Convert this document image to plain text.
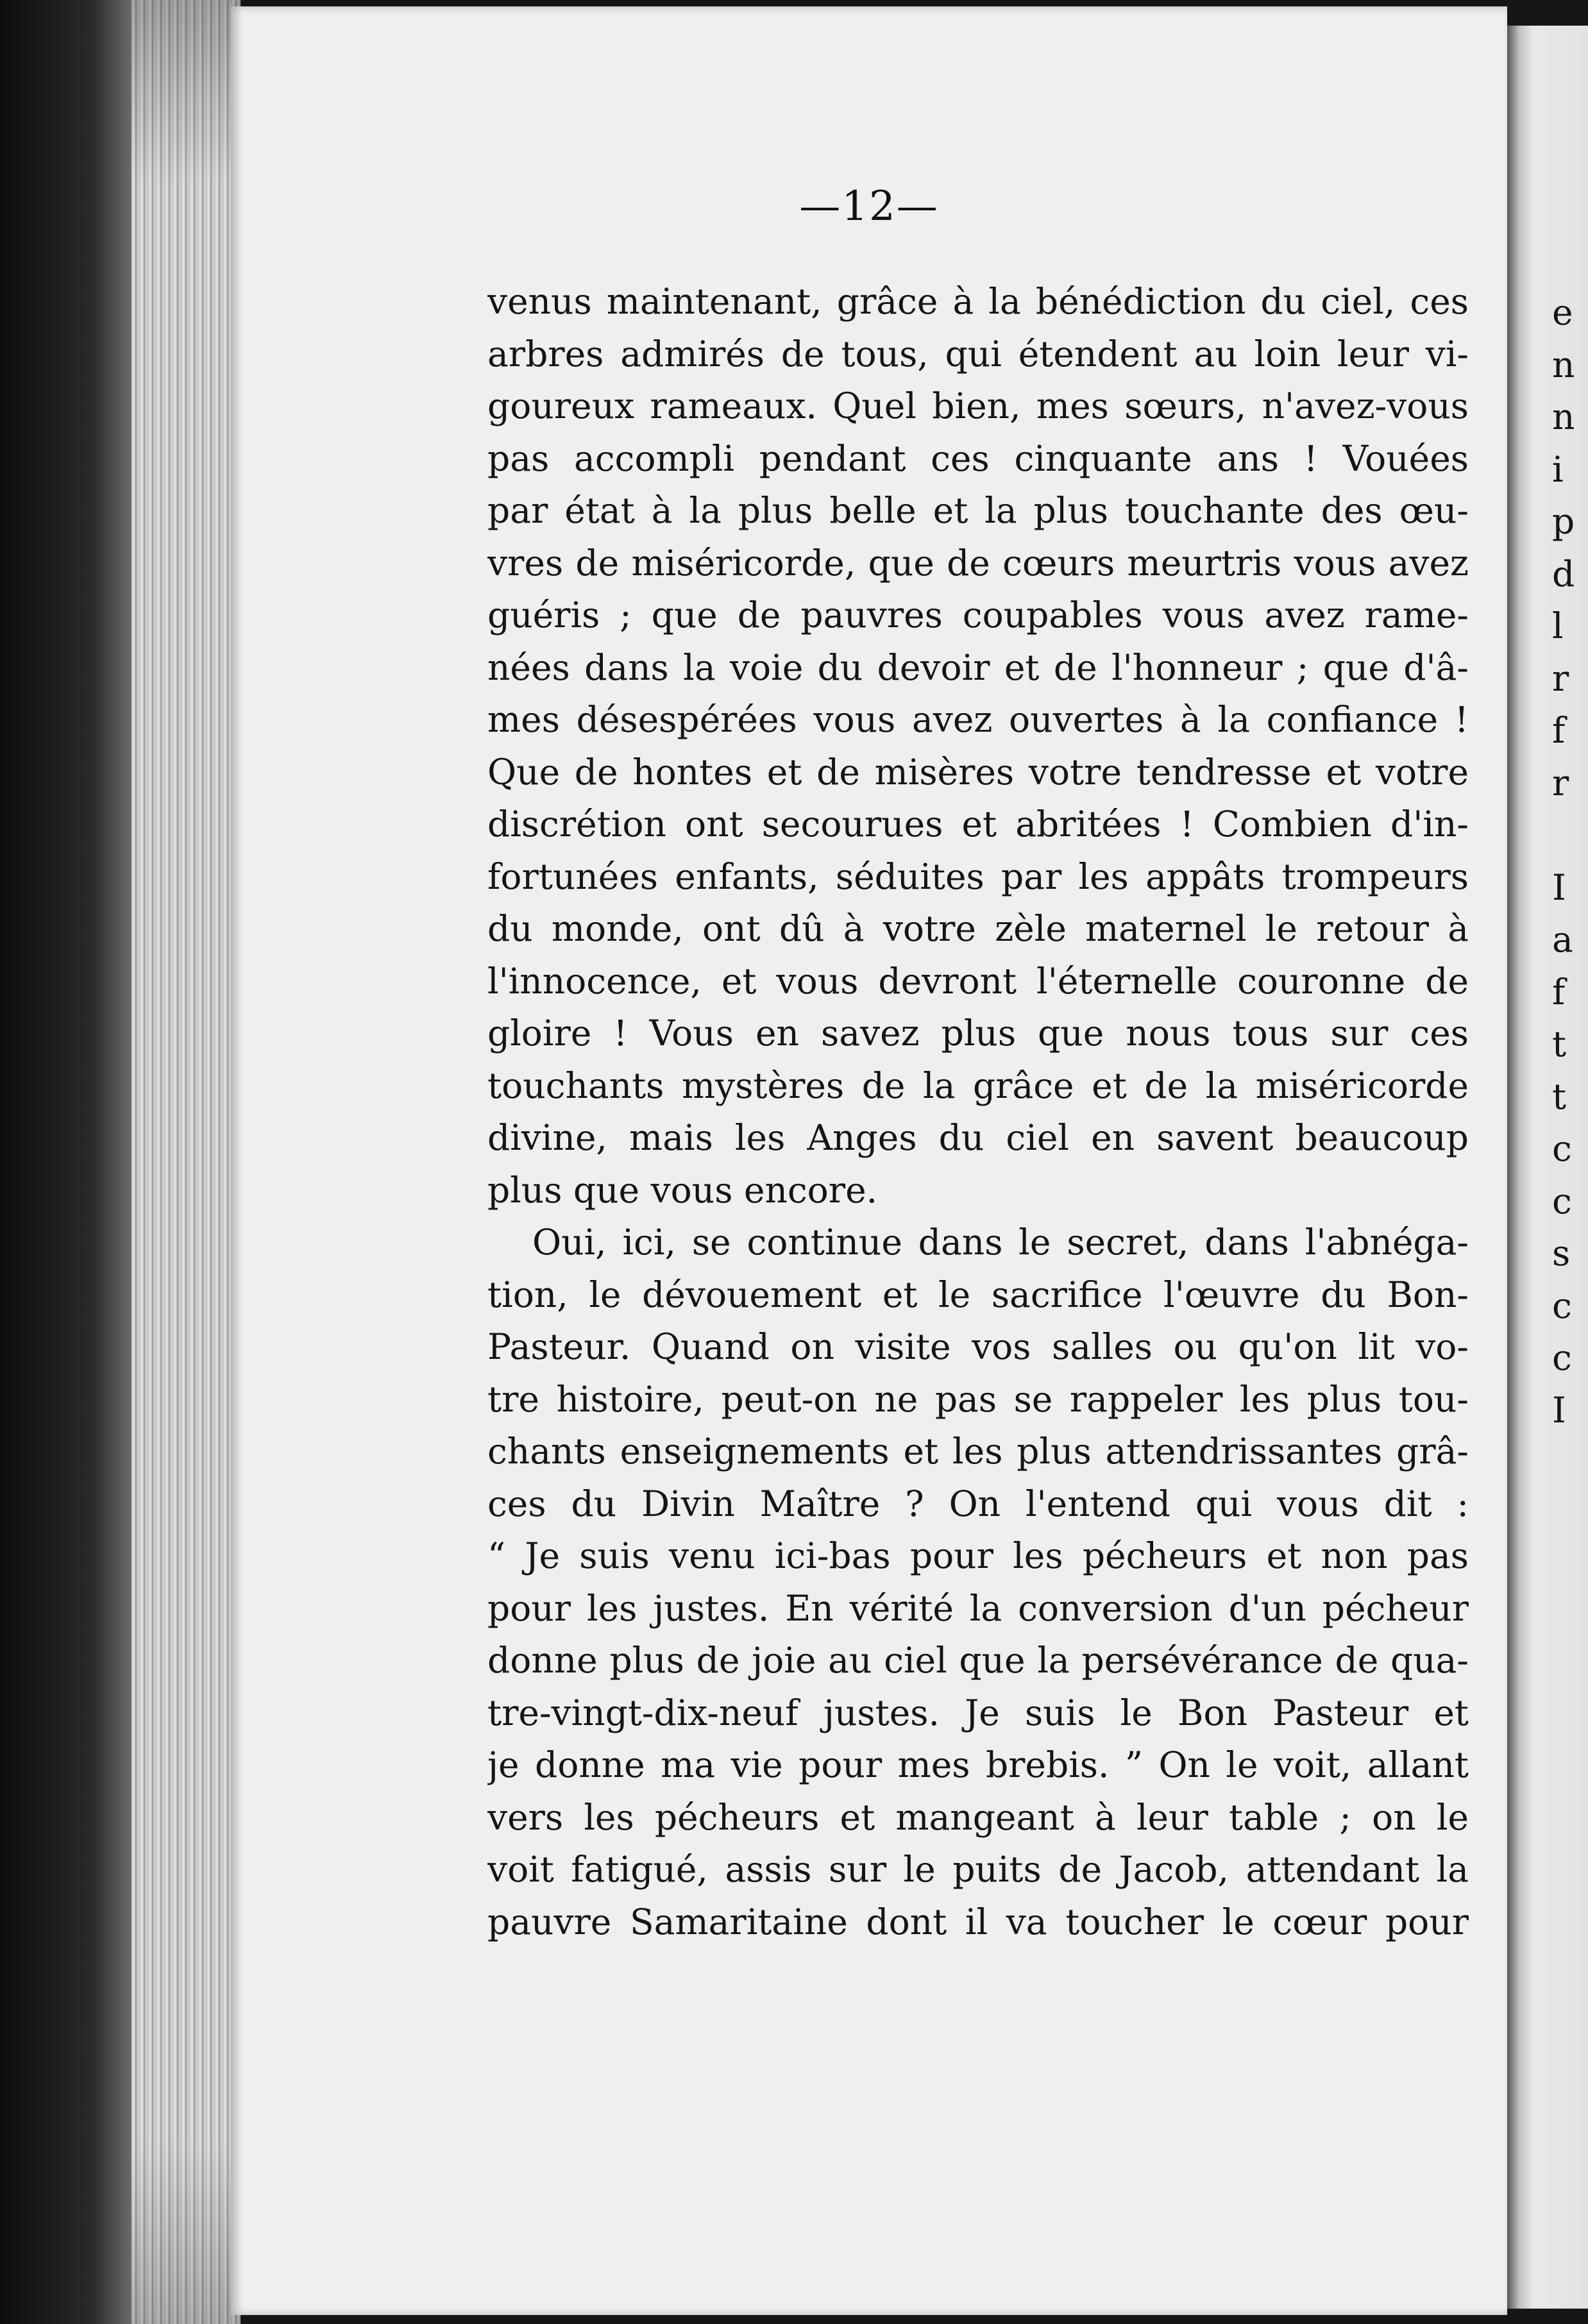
—12—
venus maintenant, grâce à la bénédiction du ciel, ces
arbres admirés de tous, qui étendent au loin leur vi-
goureux rameaux. Quel bien, mes sœurs, n'avez-vous
pas accompli pendant ces cinquante ans ! Vouées
par état à la plus belle et la plus touchante des œu-
vres de miséricorde, que de cœurs meurtris vous avez
guéris ; que de pauvres coupables vous avez rame-
nées dans la voie du devoir et de l'honneur ; que d'â-
mes désespérées vous avez ouvertes à la confiance !
Que de hontes et de misères votre tendresse et votre
discrétion ont secourues et abritées ! Combien d'in-
fortunées enfants, séduites par les appâts trompeurs
du monde, ont dû à votre zèle maternel le retour à
l'innocence, et vous devront l'éternelle couronne de
gloire ! Vous en savez plus que nous tous sur ces
touchants mystères de la grâce et de la miséricorde
divine, mais les Anges du ciel en savent beaucoup
plus que vous encore.
Oui, ici, se continue dans le secret, dans l'abnéga-
tion, le dévouement et le sacrifice l'œuvre du Bon-
Pasteur. Quand on visite vos salles ou qu'on lit vo-
tre histoire, peut-on ne pas se rappeler les plus tou-
chants enseignements et les plus attendrissantes grâ-
ces du Divin Maître ? On l'entend qui vous dit :
“ Je suis venu ici-bas pour les pécheurs et non pas
pour les justes. En vérité la conversion d'un pécheur
donne plus de joie au ciel que la persévérance de qua-
tre-vingt-dix-neuf justes. Je suis le Bon Pasteur et
je donne ma vie pour mes brebis. ” On le voit, allant
vers les pécheurs et mangeant à leur table ; on le
voit fatigué, assis sur le puits de Jacob, attendant la
pauvre Samaritaine dont il va toucher le cœur pour
e
n
n
i
p
d
l
r
f
r
I
a
f
t
t
c
c
s
c
c
I
